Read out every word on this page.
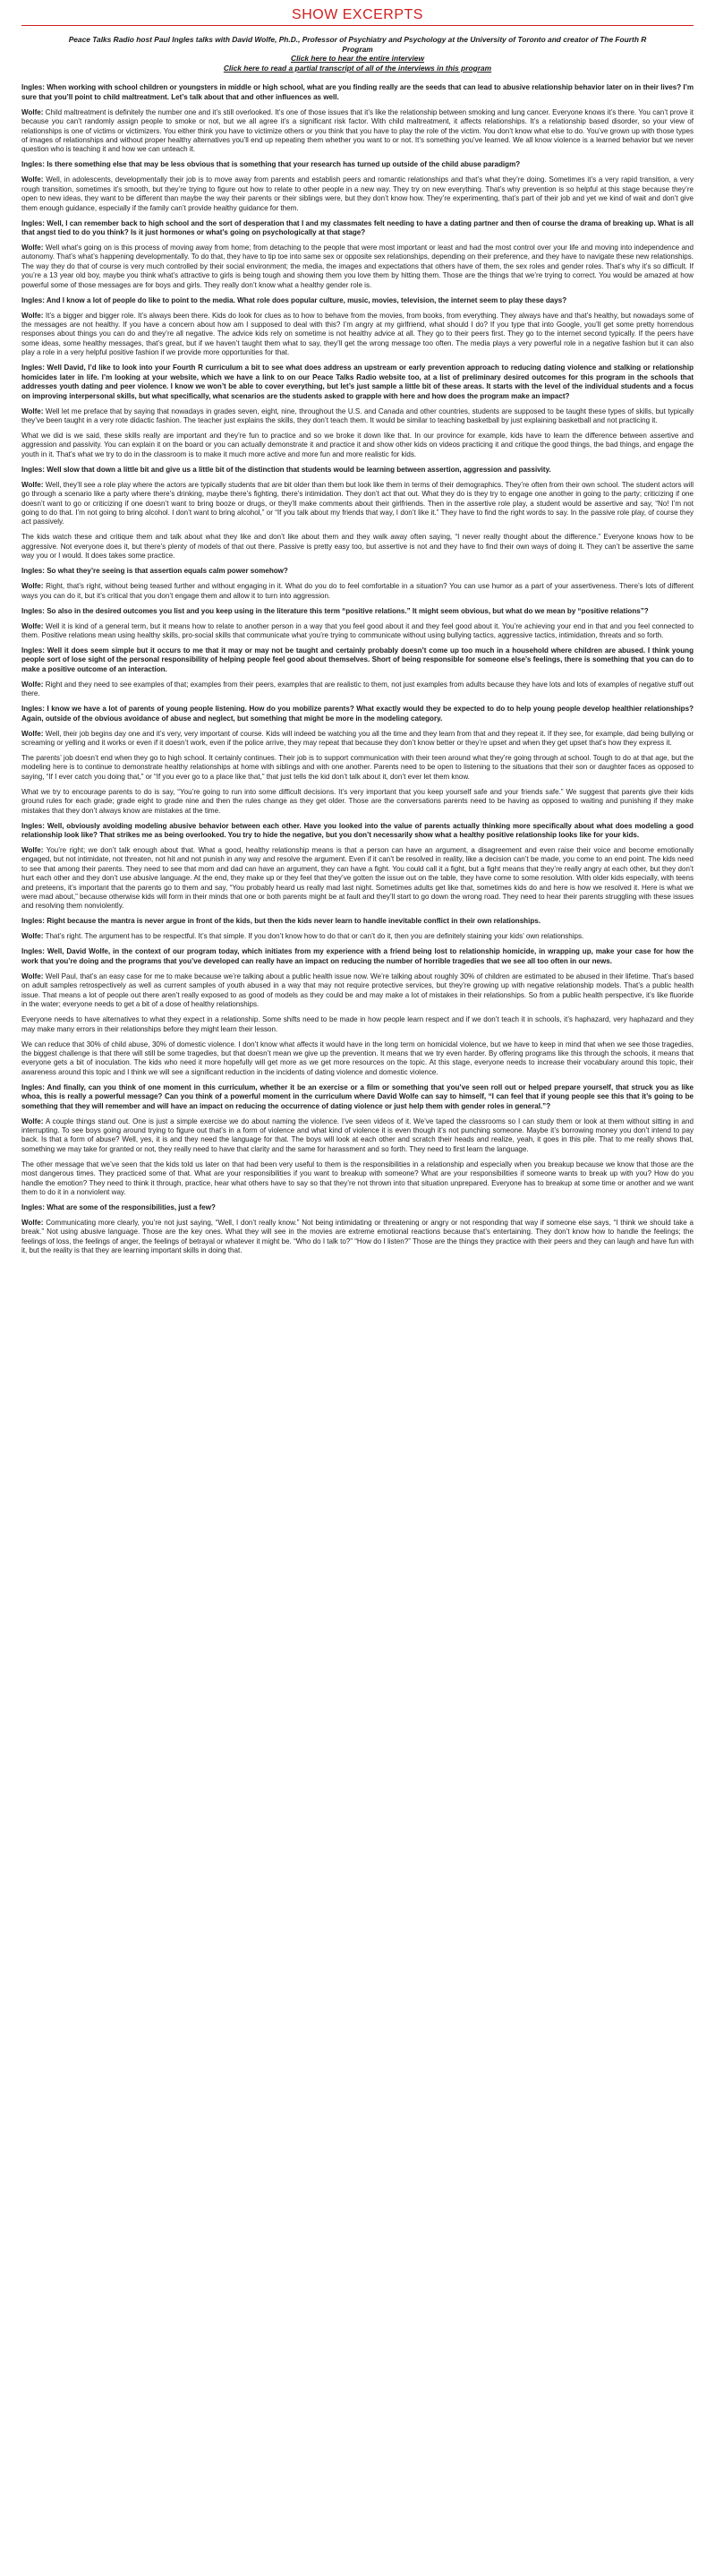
SHOW EXCERPTS
Peace Talks Radio host Paul Ingles talks with David Wolfe, Ph.D., Professor of Psychiatry and Psychology at the University of Toronto and creator of The Fourth R Program
Click here to hear the entire interview
Click here to read a partial transcript of all of the interviews in this program

Ingles: When working with school children or youngsters in middle or high school, what are you finding really are the seeds that can lead to abusive relationship behavior later on in their lives? I’m sure that you’ll point to child maltreatment. Let’s talk about that and other influences as well.

Wolfe: Child maltreatment is definitely the number one and it’s still overlooked. It’s one of those issues that it’s like the relationship between smoking and lung cancer. Everyone knows it’s there. You can’t prove it because you can’t randomly assign people to smoke or not, but we all agree it’s a significant risk factor. With child maltreatment, it affects relationships. It’s a relationship based disorder, so your view of relationships is one of victims or victimizers. You either think you have to victimize others or you think that you have to play the role of the victim. You don’t know what else to do. You’ve grown up with those types of images of relationships and without proper healthy alternatives you’ll end up repeating them whether you want to or not. It’s something you’ve learned. We all know violence is a learned behavior but we never question who is teaching it and how we can unteach it.

Ingles: Is there something else that may be less obvious that is something that your research has turned up outside of the child abuse paradigm?

Wolfe: Well, in adolescents, developmentally their job is to move away from parents and establish peers and romantic relationships and that’s what they’re doing. Sometimes it’s a very rapid transition, a very rough transition, sometimes it’s smooth, but they’re trying to figure out how to relate to other people in a new way. They try on new everything. That’s why prevention is so helpful at this stage because they’re open to new ideas, they want to be different than maybe the way their parents or their siblings were, but they don’t know how. They’re experimenting, that’s part of their job and yet we kind of wait and don’t give them enough guidance, especially if the family can’t provide healthy guidance for them.

Ingles: Well, I can remember back to high school and the sort of desperation that I and my classmates felt needing to have a dating partner and then of course the drama of breaking up. What is all that angst tied to do you think? Is it just hormones or what’s going on psychologically at that stage?

Wolfe: Well what’s going on is this process of moving away from home; from detaching to the people that were most important or least and had the most control over your life and moving into independence and autonomy. That’s what’s happening developmentally. To do that, they have to tip toe into same sex or opposite sex relationships, depending on their preference, and they have to navigate these new relationships. The way they do that of course is very much controlled by their social environment; the media, the images and expectations that others have of them, the sex roles and gender roles. That’s why it’s so difficult. If you’re a 13 year old boy, maybe you think what’s attractive to girls is being tough and showing them you love them by hitting them. Those are the things that we’re trying to correct. You would be amazed at how powerful some of those messages are for boys and girls. They really don’t know what a healthy gender role is.

Ingles: And I know a lot of people do like to point to the media. What role does popular culture, music, movies, television, the internet seem to play these days?

Wolfe: It’s a bigger and bigger role. It’s always been there. Kids do look for clues as to how to behave from the movies, from books, from everything. They always have and that’s healthy, but nowadays some of the messages are not healthy. If you have a concern about how am I supposed to deal with this? I’m angry at my girlfriend, what should I do? If you type that into Google, you’ll get some pretty horrendous responses about things you can do and they’re all negative. The advice kids rely on sometime is not healthy advice at all. They go to their peers first. They go to the internet second typically. If the peers have some ideas, some healthy messages, that’s great, but if we haven’t taught them what to say, they’ll get the wrong message too often. The media plays a very powerful role in a negative fashion but it can also play a role in a very helpful positive fashion if we provide more opportunities for that.

Ingles: Well David, I’d like to look into your Fourth R curriculum a bit to see what does address an upstream or early prevention approach to reducing dating violence and stalking or relationship homicides later in life. I’m looking at your website, which we have a link to on our Peace Talks Radio website too, at a list of preliminary desired outcomes for this program in the schools that addresses youth dating and peer violence. I know we won’t be able to cover everything, but let’s just sample a little bit of these areas. It starts with the level of the individual students and a focus on improving interpersonal skills, but what specifically, what scenarios are the students asked to grapple with here and how does the program make an impact?

Wolfe: Well let me preface that by saying that nowadays in grades seven, eight, nine, throughout the U.S. and Canada and other countries, students are supposed to be taught these types of skills, but typically they’ve been taught in a very rote didactic fashion. The teacher just explains the skills, they don’t teach them. It would be similar to teaching basketball by just explaining basketball and not practicing it.

What we did is we said, these skills really are important and they’re fun to practice and so we broke it down like that. In our province for example, kids have to learn the difference between assertive and aggression and passivity. You can explain it on the board or you can actually demonstrate it and practice it and show other kids on videos practicing it and critique the good things, the bad things, and engage the youth in it. That’s what we try to do in the classroom is to make it much more active and more fun and more realistic for kids.

Ingles: Well slow that down a little bit and give us a little bit of the distinction that students would be learning between assertion, aggression and passivity.

Wolfe: Well, they’ll see a role play where the actors are typically students that are bit older than them but look like them in terms of their demographics. They’re often from their own school. The student actors will go through a scenario like a party where there’s drinking, maybe there’s fighting, there’s intimidation. They don’t act that out. What they do is they try to engage one another in going to the party; criticizing if one doesn’t want to go or criticizing if one doesn’t want to bring booze or drugs, or they’ll make comments about their girlfriends. Then in the assertive role play, a student would be assertive and say, “No! I’m not going to do that. I’m not going to bring alcohol. I don’t want to bring alcohol,” or “If you talk about my friends that way, I don’t like it.” They have to find the right words to say. In the passive role play, of course they act passively.

The kids watch these and critique them and talk about what they like and don’t like about them and they walk away often saying, “I never really thought about the difference.” Everyone knows how to be aggressive. Not everyone does it, but there’s plenty of models of that out there. Passive is pretty easy too, but assertive is not and they have to find their own ways of doing it. They can’t be assertive the same way you or I would. It does takes some practice.

Ingles: So what they’re seeing is that assertion equals calm power somehow?

Wolfe: Right, that’s right, without being teased further and without engaging in it. What do you do to feel comfortable in a situation? You can use humor as a part of your assertiveness. There’s lots of different ways you can do it, but it’s critical that you don’t engage them and allow it to turn into aggression.

Ingles: So also in the desired outcomes you list and you keep using in the literature this term “positive relations.” It might seem obvious, but what do we mean by “positive relations”?

Wolfe: Well it is kind of a general term, but it means how to relate to another person in a way that you feel good about it and they feel good about it. You’re achieving your end in that and you feel connected to them. Positive relations mean using healthy skills, pro-social skills that communicate what you’re trying to communicate without using bullying tactics, aggressive tactics, intimidation, threats and so forth.

Ingles: Well it does seem simple but it occurs to me that it may or may not be taught and certainly probably doesn’t come up too much in a household where children are abused. I think young people sort of lose sight of the personal responsibility of helping people feel good about themselves. Short of being responsible for someone else’s feelings, there is something that you can do to make a positive outcome of an interaction.

Wolfe: Right and they need to see examples of that; examples from their peers, examples that are realistic to them, not just examples from adults because they have lots and lots of examples of negative stuff out there.

Ingles: I know we have a lot of parents of young people listening. How do you mobilize parents? What exactly would they be expected to do to help young people develop healthier relationships? Again, outside of the obvious avoidance of abuse and neglect, but something that might be more in the modeling category.

Wolfe: Well, their job begins day one and it’s very, very important of course. Kids will indeed be watching you all the time and they learn from that and they repeat it. If they see, for example, dad being bullying or screaming or yelling and it works or even if it doesn’t work, even if the police arrive, they may repeat that because they don’t know better or they’re upset and when they get upset that’s how they express it.

The parents’ job doesn’t end when they go to high school. It certainly continues. Their job is to support communication with their teen around what they’re going through at school. Tough to do at that age, but the modeling here is to continue to demonstrate healthy relationships at home with siblings and with one another. Parents need to be open to listening to the situations that their son or daughter faces as opposed to saying, “If I ever catch you doing that,” or “If you ever go to a place like that,” that just tells the kid don’t talk about it, don’t ever let them know.

What we try to encourage parents to do is say, “You’re going to run into some difficult decisions. It’s very important that you keep yourself safe and your friends safe.” We suggest that parents give their kids ground rules for each grade; grade eight to grade nine and then the rules change as they get older. Those are the conversations parents need to be having as opposed to waiting and punishing if they make mistakes that they don’t always know are mistakes at the time.

Ingles: Well, obviously avoiding modeling abusive behavior between each other. Have you looked into the value of parents actually thinking more specifically about what does modeling a good relationship look like? That strikes me as being overlooked. You try to hide the negative, but you don’t necessarily show what a healthy positive relationship looks like for your kids.

Wolfe: You’re right; we don’t talk enough about that. What a good, healthy relationship means is that a person can have an argument, a disagreement and even raise their voice and become emotionally engaged, but not intimidate, not threaten, not hit and not punish in any way and resolve the argument. Even if it can’t be resolved in reality, like a decision can’t be made, you come to an end point. The kids need to see that among their parents. They need to see that mom and dad can have an argument, they can have a fight. You could call it a fight, but a fight means that they’re really angry at each other, but they don’t hurt each other and they don’t use abusive language. At the end, they make up or they feel that they’ve gotten the issue out on the table, they have come to some resolution. With older kids especially, with teens and preteens, it’s important that the parents go to them and say, “You probably heard us really mad last night. Sometimes adults get like that, sometimes kids do and here is how we resolved it. Here is what we were mad about,” because otherwise kids will form in their minds that one or both parents might be at fault and they’ll start to go down the wrong road. They need to hear their parents struggling with these issues and resolving them nonviolently.

Ingles: Right because the mantra is never argue in front of the kids, but then the kids never learn to handle inevitable conflict in their own relationships.

Wolfe: That’s right. The argument has to be respectful. It’s that simple. If you don’t know how to do that or can’t do it, then you are definitely staining your kids’ own relationships.

Ingles: Well, David Wolfe, in the context of our program today, which initiates from my experience with a friend being lost to relationship homicide, in wrapping up, make your case for how the work that you’re doing and the programs that you’ve developed can really have an impact on reducing the number of horrible tragedies that we see all too often in our news.

Wolfe: Well Paul, that’s an easy case for me to make because we’re talking about a public health issue now. We’re talking about roughly 30% of children are estimated to be abused in their lifetime. That’s based on adult samples retrospectively as well as current samples of youth abused in a way that may not require protective services, but they’re growing up with negative relationship models. That’s a public health issue. That means a lot of people out there aren’t really exposed to as good of models as they could be and may make a lot of mistakes in their relationships. So from a public health perspective, it’s like fluoride in the water; everyone needs to get a bit of a dose of healthy relationships.

Everyone needs to have alternatives to what they expect in a relationship. Some shifts need to be made in how people learn respect and if we don’t teach it in schools, it’s haphazard, very haphazard and they may make many errors in their relationships before they might learn their lesson.

We can reduce that 30% of child abuse, 30% of domestic violence. I don’t know what affects it would have in the long term on homicidal violence, but we have to keep in mind that when we see those tragedies, the biggest challenge is that there will still be some tragedies, but that doesn’t mean we give up the prevention. It means that we try even harder. By offering programs like this through the schools, it means that everyone gets a bit of inoculation. The kids who need it more hopefully will get more as we get more resources on the topic. At this stage, everyone needs to increase their vocabulary around this topic, their awareness around this topic and I think we will see a significant reduction in the incidents of dating violence and domestic violence.

Ingles: And finally, can you think of one moment in this curriculum, whether it be an exercise or a film or something that you’ve seen roll out or helped prepare yourself, that struck you as like whoa, this is really a powerful message? Can you think of a powerful moment in the curriculum where David Wolfe can say to himself, “I can feel that if young people see this that it’s going to be something that they will remember and will have an impact on reducing the occurrence of dating violence or just help them with gender roles in general.”?

Wolfe: A couple things stand out. One is just a simple exercise we do about naming the violence. I’ve seen videos of it. We’ve taped the classrooms so I can study them or look at them without sitting in and interrupting. To see boys going around trying to figure out that’s in a form of violence and what kind of violence it is even though it’s not punching someone. Maybe it’s borrowing money you don’t intend to pay back. Is that a form of abuse? Well, yes, it is and they need the language for that. The boys will look at each other and scratch their heads and realize, yeah, it goes in this pile. That to me really shows that, something we may take for granted or not, they really need to have that clarity and the same for harassment and so forth. They need to first learn the language.

The other message that we’ve seen that the kids told us later on that had been very useful to them is the responsibilities in a relationship and especially when you breakup because we know that those are the most dangerous times. They practiced some of that. What are your responsibilities if you want to breakup with someone? What are your responsibilities if someone wants to break up with you? How do you handle the emotion? They need to think it through, practice, hear what others have to say so that they’re not thrown into that situation unprepared. Everyone has to breakup at some time or another and we want them to do it in a nonviolent way.

Ingles: What are some of the responsibilities, just a few?

Wolfe: Communicating more clearly, you’re not just saying, “Well, I don’t really know.” Not being intimidating or threatening or angry or not responding that way if someone else says, “I think we should take a break.” Not using abusive language. Those are the key ones. What they will see in the movies are extreme emotional reactions because that’s entertaining. They don’t know how to handle the feelings; the feelings of loss, the feelings of anger, the feelings of betrayal or whatever it might be. “Who do I talk to?” “How do I listen?” Those are the things they practice with their peers and they can laugh and have fun with it, but the reality is that they are learning important skills in doing that.
